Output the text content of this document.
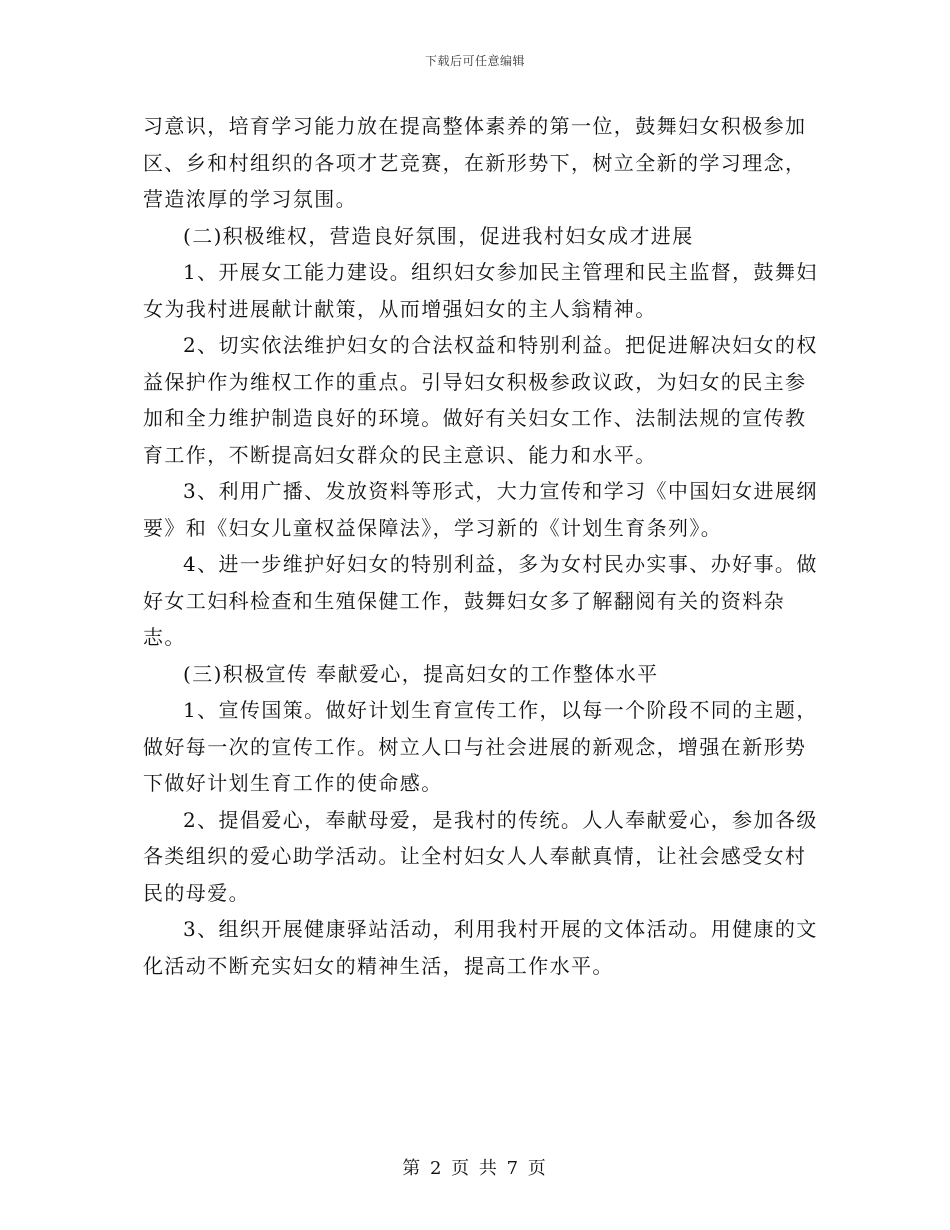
下载后可任意编辑

习意识，培育学习能力放在提高整体素养的第一位，鼓舞妇女积极参加区、乡和村组织的各项才艺竞赛，在新形势下，树立全新的学习理念，营造浓厚的学习氛围。

(二)积极维权，营造良好氛围，促进我村妇女成才进展

1、开展女工能力建设。组织妇女参加民主管理和民主监督，鼓舞妇女为我村进展献计献策，从而增强妇女的主人翁精神。

2、切实依法维护妇女的合法权益和特别利益。把促进解决妇女的权益保护作为维权工作的重点。引导妇女积极参政议政，为妇女的民主参加和全力维护制造良好的环境。做好有关妇女工作、法制法规的宣传教育工作，不断提高妇女群众的民主意识、能力和水平。

3、利用广播、发放资料等形式，大力宣传和学习《中国妇女进展纲要》和《妇女儿童权益保障法》，学习新的《计划生育条列》。

4、进一步维护好妇女的特别利益，多为女村民办实事、办好事。做好女工妇科检查和生殖保健工作，鼓舞妇女多了解翻阅有关的资料杂志。

(三)积极宣传 奉献爱心，提高妇女的工作整体水平

1、宣传国策。做好计划生育宣传工作，以每一个阶段不同的主题，做好每一次的宣传工作。树立人口与社会进展的新观念，增强在新形势下做好计划生育工作的使命感。

2、提倡爱心，奉献母爱，是我村的传统。人人奉献爱心，参加各级各类组织的爱心助学活动。让全村妇女人人奉献真情，让社会感受女村民的母爱。

3、组织开展健康驿站活动，利用我村开展的文体活动。用健康的文化活动不断充实妇女的精神生活，提高工作水平。

第 2 页 共 7 页
